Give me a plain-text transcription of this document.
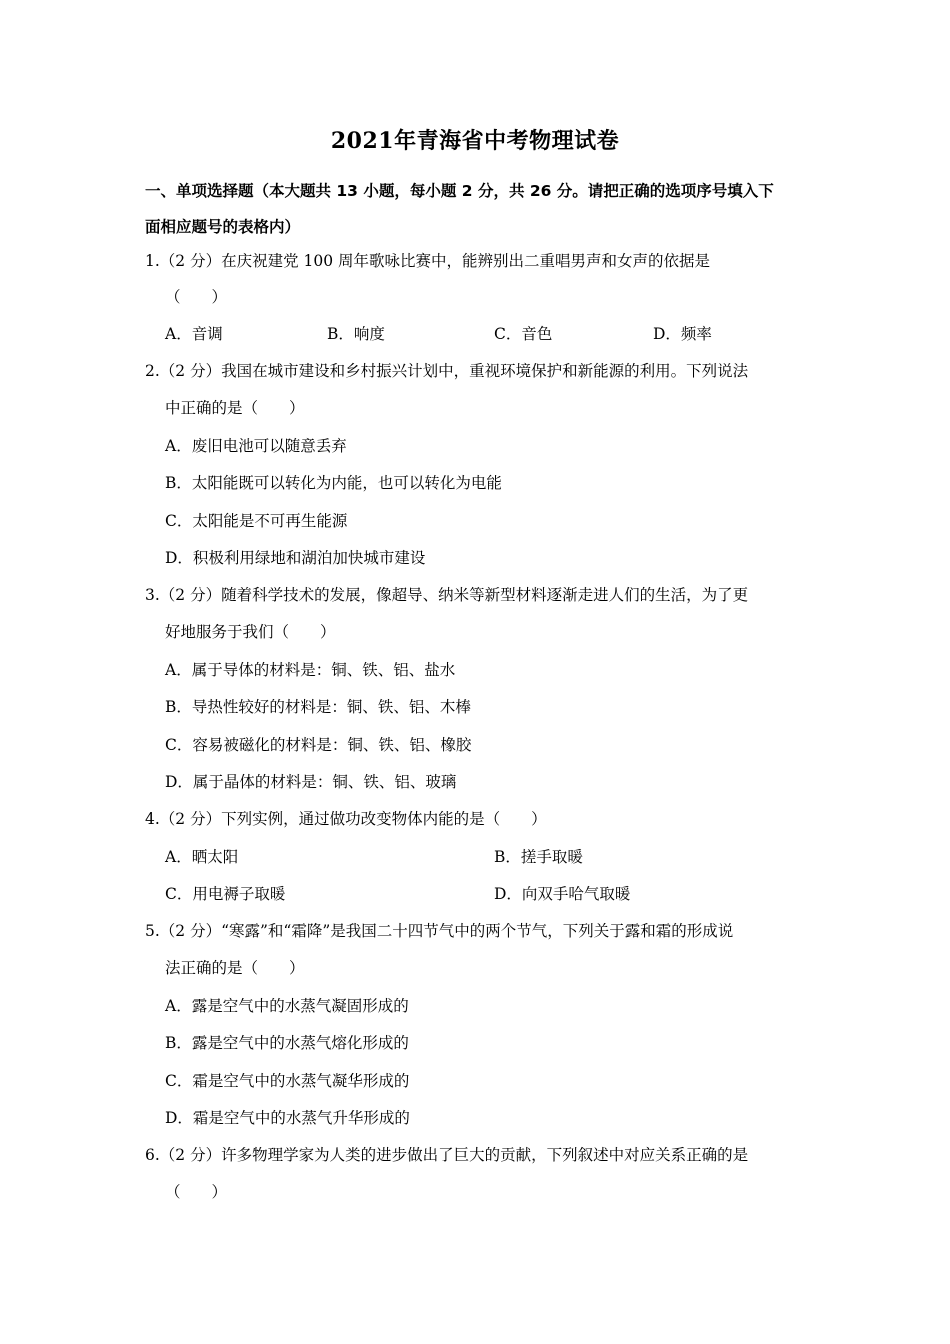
2021年青海省中考物理试卷
一、单项选择题（本大题共 13 小题，每小题 2 分，共 26 分。请把正确的选项序号填入下
面相应题号的表格内）
1.（2 分）在庆祝建党 100 周年歌咏比赛中，能辨别出二重唱男声和女声的依据是
（　　）
A．音调	B．响度	C．音色	D．频率
2.（2 分）我国在城市建设和乡村振兴计划中，重视环境保护和新能源的利用。下列说法
中正确的是（　　）
A．废旧电池可以随意丢弃
B．太阳能既可以转化为内能，也可以转化为电能
C．太阳能是不可再生能源
D．积极利用绿地和湖泊加快城市建设
3.（2 分）随着科学技术的发展，像超导、纳米等新型材料逐渐走进人们的生活，为了更
好地服务于我们（　　）
A．属于导体的材料是：铜、铁、铝、盐水
B．导热性较好的材料是：铜、铁、铝、木棒
C．容易被磁化的材料是：铜、铁、铝、橡胶
D．属于晶体的材料是：铜、铁、铝、玻璃
4.（2 分）下列实例，通过做功改变物体内能的是（　　）
A．晒太阳	B．搓手取暖
C．用电褥子取暖	D．向双手哈气取暖
5.（2 分）“寒露”和“霜降”是我国二十四节气中的两个节气，下列关于露和霜的形成说
法正确的是（　　）
A．露是空气中的水蒸气凝固形成的
B．露是空气中的水蒸气熔化形成的
C．霜是空气中的水蒸气凝华形成的
D．霜是空气中的水蒸气升华形成的
6.（2 分）许多物理学家为人类的进步做出了巨大的贡献，下列叙述中对应关系正确的是
（　　）
